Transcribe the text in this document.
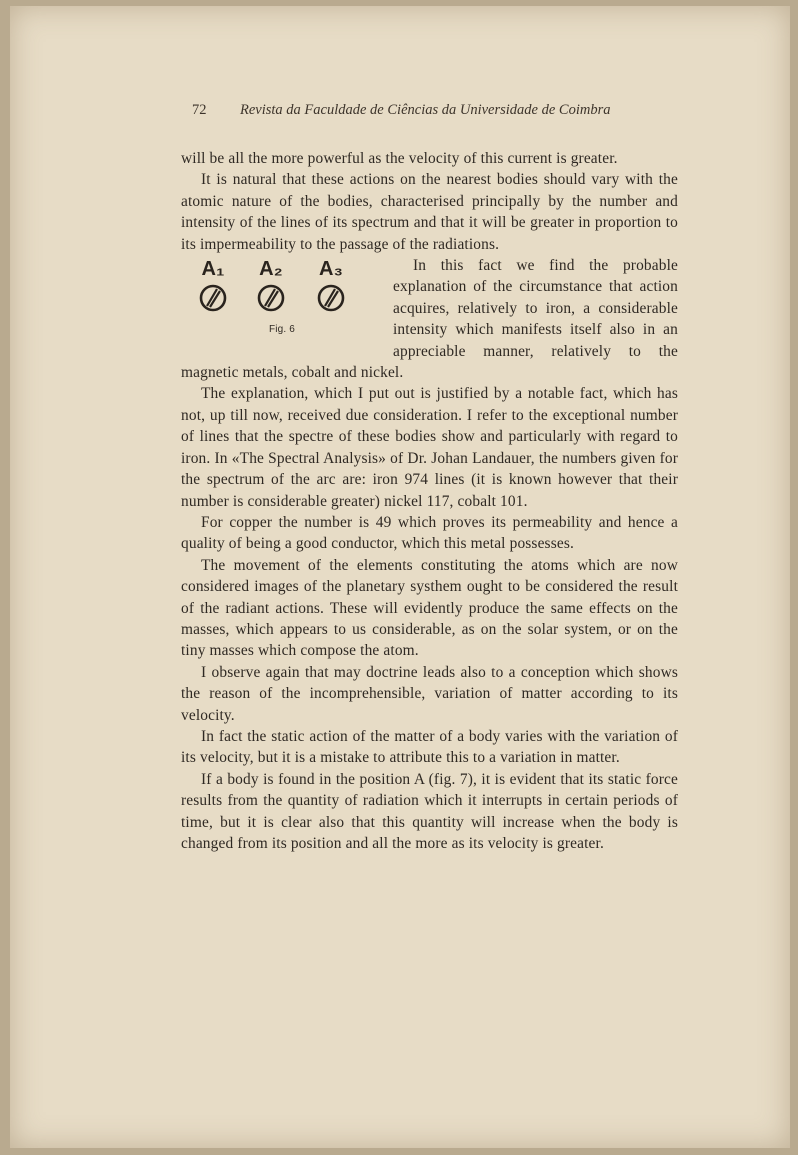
72 Revista da Faculdade de Ciências da Universidade de Coimbra

will be all the more powerful as the velocity of this current is greater.

It is natural that these actions on the nearest bodies should vary with the atomic nature of the bodies, characterised principally by the number and intensity of the lines of its spectrum and that it will be greater in proportion to its impermeability to the passage of the radiations.

A₁	A₂	A₃
Fig. 6
In this fact we find the probable explanation of the circumstance that action acquires, relatively to iron, a considerable intensity which manifests itself also in an appreciable manner, relatively to the magnetic metals, cobalt and nickel.

The explanation, which I put out is justified by a notable fact, which has not, up till now, received due consideration. I refer to the exceptional number of lines that the spectre of these bodies show and particularly with regard to iron. In «The Spectral Analysis» of Dr. Johan Landauer, the numbers given for the spectrum of the arc are: iron 974 lines (it is known however that their number is considerable greater) nickel 117, cobalt 101.

For copper the number is 49 which proves its permeability and hence a quality of being a good conductor, which this metal possesses.

The movement of the elements constituting the atoms which are now considered images of the planetary systhem ought to be considered the result of the radiant actions. These will evidently produce the same effects on the masses, which appears to us considerable, as on the solar system, or on the tiny masses which compose the atom.

I observe again that may doctrine leads also to a conception which shows the reason of the incomprehensible, variation of matter according to its velocity.

In fact the static action of the matter of a body varies with the variation of its velocity, but it is a mistake to attribute this to a variation in matter.

If a body is found in the position A (fig. 7), it is evident that its static force results from the quantity of radiation which it interrupts in certain periods of time, but it is clear also that this quantity will increase when the body is changed from its position and all the more as its velocity is greater.
